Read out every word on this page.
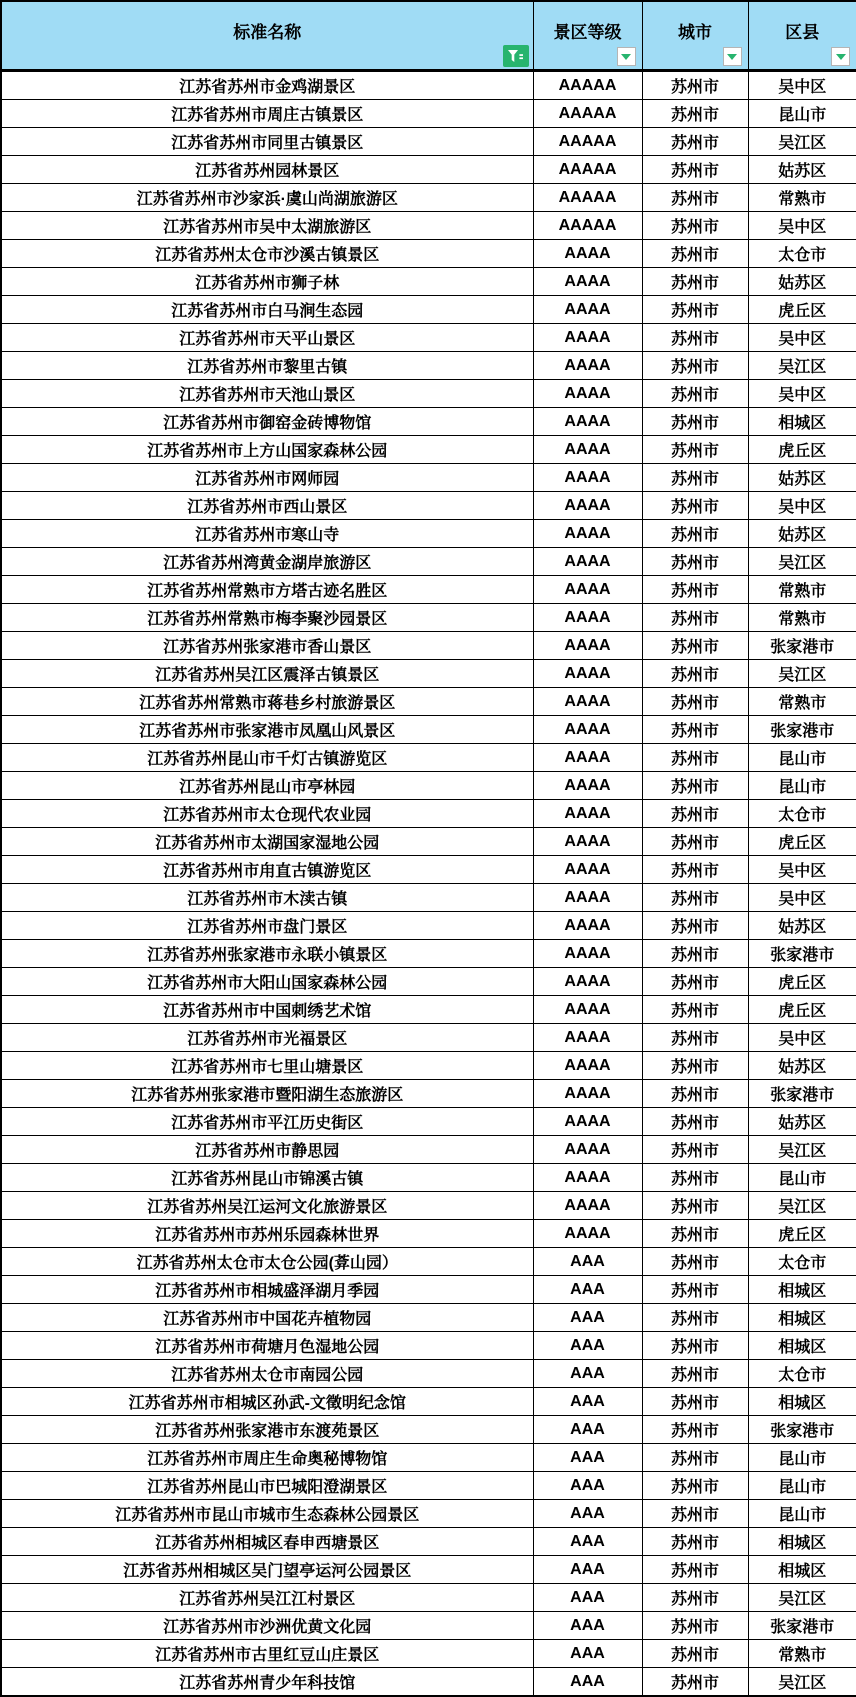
标准名称	景区等级	城市	区县

江苏省苏州市金鸡湖景区	AAAAA	苏州市	吴中区
江苏省苏州市周庄古镇景区	AAAAA	苏州市	昆山市
江苏省苏州市同里古镇景区	AAAAA	苏州市	吴江区
江苏省苏州园林景区	AAAAA	苏州市	姑苏区
江苏省苏州市沙家浜·虞山尚湖旅游区	AAAAA	苏州市	常熟市
江苏省苏州市吴中太湖旅游区	AAAAA	苏州市	吴中区
江苏省苏州太仓市沙溪古镇景区	AAAA	苏州市	太仓市
江苏省苏州市狮子林	AAAA	苏州市	姑苏区
江苏省苏州市白马涧生态园	AAAA	苏州市	虎丘区
江苏省苏州市天平山景区	AAAA	苏州市	吴中区
江苏省苏州市黎里古镇	AAAA	苏州市	吴江区
江苏省苏州市天池山景区	AAAA	苏州市	吴中区
江苏省苏州市御窑金砖博物馆	AAAA	苏州市	相城区
江苏省苏州市上方山国家森林公园	AAAA	苏州市	虎丘区
江苏省苏州市网师园	AAAA	苏州市	姑苏区
江苏省苏州市西山景区	AAAA	苏州市	吴中区
江苏省苏州市寒山寺	AAAA	苏州市	姑苏区
江苏省苏州湾黄金湖岸旅游区	AAAA	苏州市	吴江区
江苏省苏州常熟市方塔古迹名胜区	AAAA	苏州市	常熟市
江苏省苏州常熟市梅李聚沙园景区	AAAA	苏州市	常熟市
江苏省苏州张家港市香山景区	AAAA	苏州市	张家港市
江苏省苏州吴江区震泽古镇景区	AAAA	苏州市	吴江区
江苏省苏州常熟市蒋巷乡村旅游景区	AAAA	苏州市	常熟市
江苏省苏州市张家港市凤凰山风景区	AAAA	苏州市	张家港市
江苏省苏州昆山市千灯古镇游览区	AAAA	苏州市	昆山市
江苏省苏州昆山市亭林园	AAAA	苏州市	昆山市
江苏省苏州市太仓现代农业园	AAAA	苏州市	太仓市
江苏省苏州市太湖国家湿地公园	AAAA	苏州市	虎丘区
江苏省苏州市甪直古镇游览区	AAAA	苏州市	吴中区
江苏省苏州市木渎古镇	AAAA	苏州市	吴中区
江苏省苏州市盘门景区	AAAA	苏州市	姑苏区
江苏省苏州张家港市永联小镇景区	AAAA	苏州市	张家港市
江苏省苏州市大阳山国家森林公园	AAAA	苏州市	虎丘区
江苏省苏州市中国刺绣艺术馆	AAAA	苏州市	虎丘区
江苏省苏州市光福景区	AAAA	苏州市	吴中区
江苏省苏州市七里山塘景区	AAAA	苏州市	姑苏区
江苏省苏州张家港市暨阳湖生态旅游区	AAAA	苏州市	张家港市
江苏省苏州市平江历史街区	AAAA	苏州市	姑苏区
江苏省苏州市静思园	AAAA	苏州市	吴江区
江苏省苏州昆山市锦溪古镇	AAAA	苏州市	昆山市
江苏省苏州吴江运河文化旅游景区	AAAA	苏州市	吴江区
江苏省苏州市苏州乐园森林世界	AAAA	苏州市	虎丘区
江苏省苏州太仓市太仓公园(葊山园）	AAA	苏州市	太仓市
江苏省苏州市相城盛泽湖月季园	AAA	苏州市	相城区
江苏省苏州市中国花卉植物园	AAA	苏州市	相城区
江苏省苏州市荷塘月色湿地公园	AAA	苏州市	相城区
江苏省苏州太仓市南园公园	AAA	苏州市	太仓市
江苏省苏州市相城区孙武-文徵明纪念馆	AAA	苏州市	相城区
江苏省苏州张家港市东渡苑景区	AAA	苏州市	张家港市
江苏省苏州市周庄生命奥秘博物馆	AAA	苏州市	昆山市
江苏省苏州昆山市巴城阳澄湖景区	AAA	苏州市	昆山市
江苏省苏州市昆山市城市生态森林公园景区	AAA	苏州市	昆山市
江苏省苏州相城区春申西塘景区	AAA	苏州市	相城区
江苏省苏州相城区吴门望亭运河公园景区	AAA	苏州市	相城区
江苏省苏州吴江江村景区	AAA	苏州市	吴江区
江苏省苏州市沙洲优黄文化园	AAA	苏州市	张家港市
江苏省苏州市古里红豆山庄景区	AAA	苏州市	常熟市
江苏省苏州青少年科技馆	AAA	苏州市	吴江区
